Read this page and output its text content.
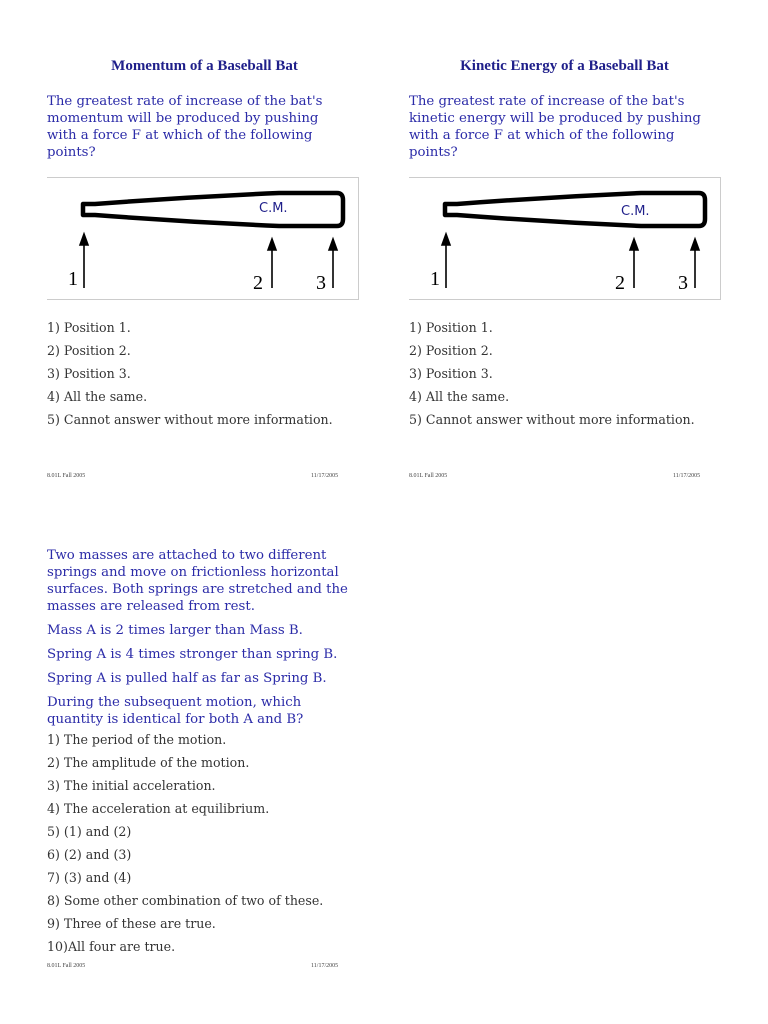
Momentum of a Baseball Bat

The greatest rate of increase of the bat's
momentum will be produced by pushing
with a force F at which of the following
points?

C.M.
1	2	3
1) Position 1.
2) Position 2.
3) Position 3.
4) All the same.
5) Cannot answer without more information.
8.01L Fall 2005	11/17/2005
Kinetic Energy of a Baseball Bat

The greatest rate of increase of the bat's
kinetic energy will be produced by pushing
with a force F at which of the following
points?

C.M.
1	2	3
1) Position 1.
2) Position 2.
3) Position 3.
4) All the same.
5) Cannot answer without more information.
8.01L Fall 2005	11/17/2005

Two masses are attached to two different
springs and move on frictionless horizontal
surfaces. Both springs are stretched and the
masses are released from rest.

Mass A is 2 times larger than Mass B.

Spring A is 4 times stronger than spring B.

Spring A is pulled half as far as Spring B.

During the subsequent motion, which
quantity is identical for both A and B?

1) The period of the motion.

2) The amplitude of the motion.

3) The initial acceleration.

4) The acceleration at equilibrium.

5) (1) and (2)

6) (2) and (3)

7) (3) and (4)

8) Some other combination of two of these.

9) Three of these are true.

10)All four are true.

8.01L Fall 2005	11/17/2005
